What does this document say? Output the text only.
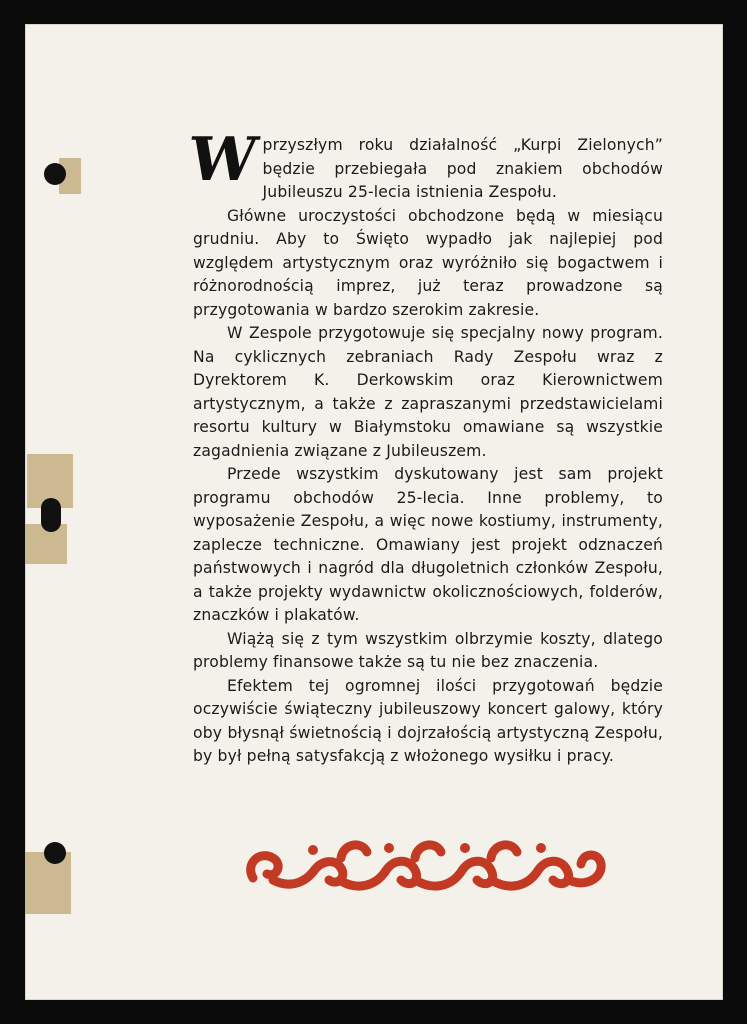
W przyszłym roku działalność „Kurpi Zielonych” będzie przebiegała pod znakiem obchodów Jubileuszu 25-lecia istnienia Zespołu.

Główne uroczystości obchodzone będą w miesiącu grudniu. Aby to Święto wypadło jak najlepiej pod względem artystycznym oraz wyróżniło się bogactwem i różnorodnością imprez, już teraz prowadzone są przygotowania w bardzo szerokim zakresie.

W Zespole przygotowuje się specjalny nowy program. Na cyklicznych zebraniach Rady Zespołu wraz z Dyrektorem K. Derkowskim oraz Kierownictwem artystycznym, a także z zapraszanymi przedstawicielami resortu kultury w Białymstoku omawiane są wszystkie zagadnienia związane z Jubileuszem.

Przede wszystkim dyskutowany jest sam projekt programu obchodów 25-lecia. Inne problemy, to wyposażenie Zespołu, a więc nowe kostiumy, instrumenty, zaplecze techniczne. Omawiany jest projekt odznaczeń państwowych i nagród dla długoletnich członków Zespołu, a także projekty wydawnictw okolicznościowych, folderów, znaczków i plakatów.

Wiążą się z tym wszystkim olbrzymie koszty, dlatego problemy finansowe także są tu nie bez znaczenia.

Efektem tej ogromnej ilości przygotowań będzie oczywiście świąteczny jubileuszowy koncert galowy, który oby błysnął świetnością i dojrzałością artystyczną Zespołu, by był pełną satysfakcją z włożonego wysiłku i pracy.
